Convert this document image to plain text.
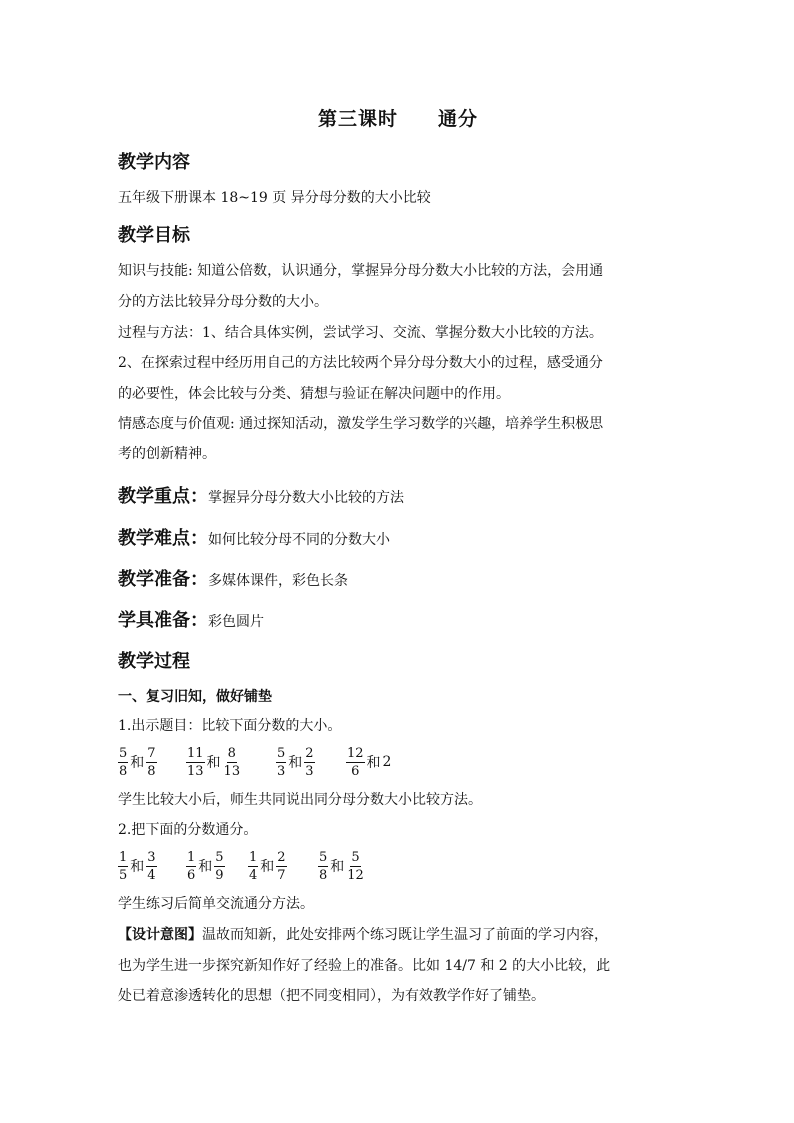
第三课时 通分
教学内容
五年级下册课本 18~19 页 异分母分数的大小比较
教学目标
知识与技能: 知道公倍数，认识通分，掌握异分母分数大小比较的方法，会用通
分的方法比较异分母分数的大小。
过程与方法：1、结合具体实例，尝试学习、交流、掌握分数大小比较的方法。
2、在探索过程中经历用自己的方法比较两个异分母分数大小的过程，感受通分
的必要性，体会比较与分类、猜想与验证在解决问题中的作用。
情感态度与价值观: 通过探知活动，激发学生学习数学的兴趣，培养学生积极思
考的创新精神。
教学重点：掌握异分母分数大小比较的方法
教学难点：如何比较分母不同的分数大小
教学准备：多媒体课件，彩色长条
学具准备：彩色圆片
教学过程
一、复习旧知，做好铺垫
1.出示题目：比较下面分数的大小。
$\frac{5}{8}$ 和 $\frac{7}{8} \frac{11}{13}$ 和 $\frac{8}{13}$	$\frac{5}{3}$ 和 $\frac{2}{3} \frac{12}{6}$ 和 2
学生比较大小后，师生共同说出同分母分数大小比较方法。
2.把下面的分数通分。
$\frac{1}{5}$ 和 $\frac{3}{4} \frac{1}{6}$ 和 $\frac{5}{9} \frac{1}{4}$ 和 $\frac{2}{7} \frac{5}{8}$ 和 $\frac{5}{12}$
学生练习后简单交流通分方法。
【设计意图】温故而知新，此处安排两个练习既让学生温习了前面的学习内容，
也为学生进一步探究新知作好了经验上的准备。比如 14/7 和 2 的大小比较，此
处已着意渗透转化的思想（把不同变相同），为有效教学作好了铺垫。
